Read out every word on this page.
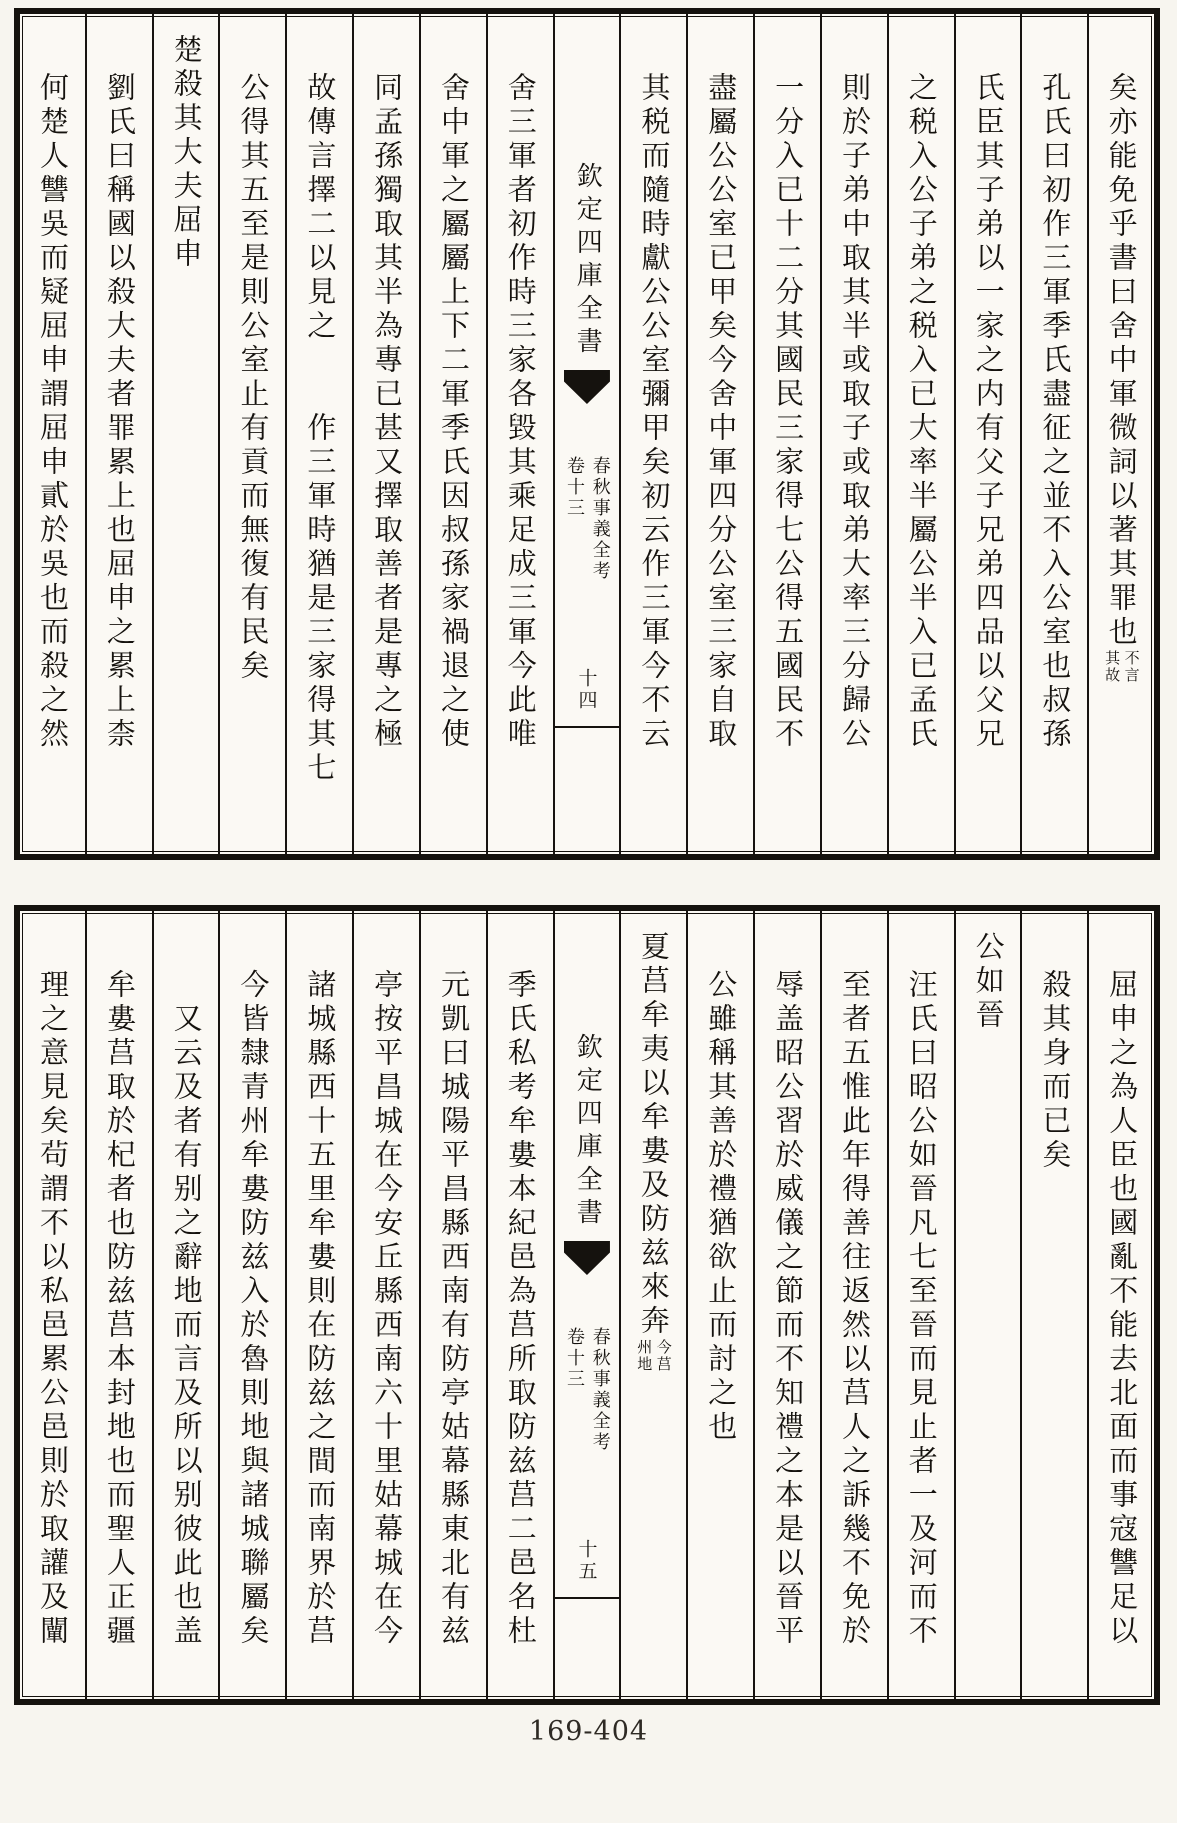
矣亦能免乎書曰舍中軍微詞以著其罪也
不言
其故
孔氏曰初作三軍季氏盡征之並不入公室也叔孫
氏臣其子弟以一家之内有父子兄弟四品以父兄
之税入公子弟之税入已大率半屬公半入已孟氏
則於子弟中取其半或取子或取弟大率三分歸公
一分入已十二分其國民三家得七公得五國民不
盡屬公公室已甲矣今舍中軍四分公室三家自取
其税而隨時獻公公室彌甲矣初云作三軍今不云
欽定四庫全書
春秋事義全考
卷十三
十四
舍三軍者初作時三家各毀其乘足成三軍今此唯
舍中軍之屬屬上下二軍季氏因叔孫家禍退之使
同孟孫獨取其半為專已甚又擇取善者是專之極
故傳言擇二以見之作三軍時猶是三家得其七
公得其五至是則公室止有貢而無復有民矣
楚殺其大夫屈申
劉氏曰稱國以殺大夫者罪累上也屈申之累上柰
何楚人讐吳而疑屈申謂屈申貳於吳也而殺之然
屈申之為人臣也國亂不能去北面而事寇讐足以
殺其身而已矣
公如晉
汪氏曰昭公如晉凡七至晉而見止者一及河而不
至者五惟此年得善往返然以莒人之訴幾不免於
辱盖昭公習於威儀之節而不知禮之本是以晉平
公雖稱其善於禮猶欲止而討之也
夏莒牟夷以牟婁及防兹來奔
今莒
州地
欽定四庫全書
春秋事義全考
卷十三
十五
季氏私考牟婁本紀邑為莒所取防兹莒二邑名杜
元凱曰城陽平昌縣西南有防亭姑幕縣東北有兹
亭按平昌城在今安丘縣西南六十里姑幕城在今
諸城縣西十五里牟婁則在防兹之間而南界於莒
今皆隸青州牟婁防兹入於魯則地與諸城聯屬矣
又云及者有别之辭地而言及所以别彼此也盖
牟婁莒取於杞者也防兹莒本封地也而聖人正疆
理之意見矣茍謂不以私邑累公邑則於取讙及闡
169-404
